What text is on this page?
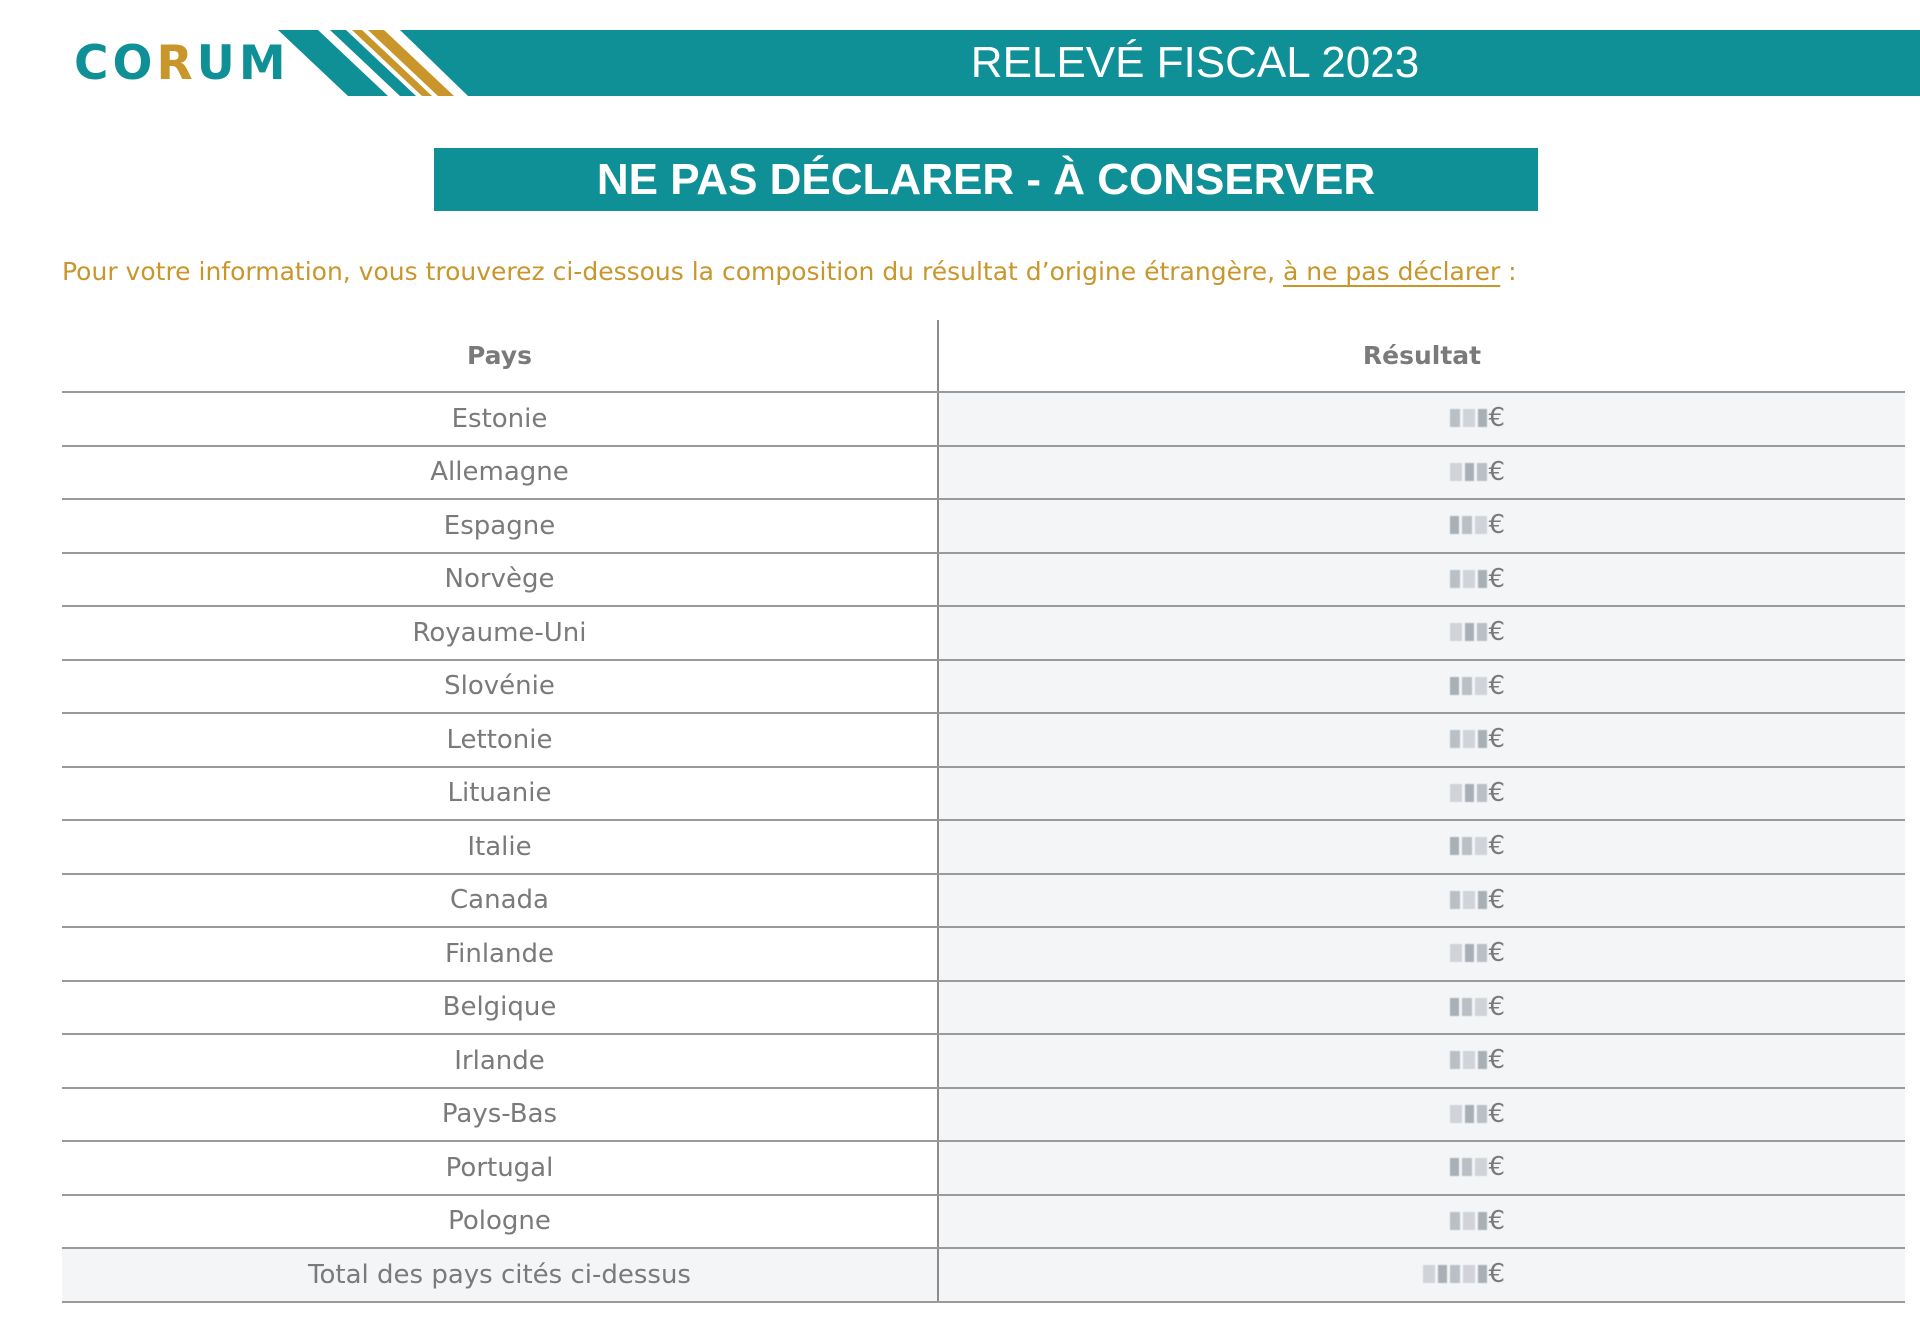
CORUM	RELEVÉ FISCAL 2023
NE PAS DÉCLARER - À CONSERVER
Pour votre information, vous trouverez ci-dessous la composition du résultat d’origine étrangère, à ne pas déclarer :
Pays	Résultat
Estonie	€

Allemagne	€

Espagne	€

Norvège	€

Royaume-Uni	€

Slovénie	€

Lettonie	€

Lituanie	€

Italie	€

Canada	€

Finlande	€

Belgique	€

Irlande	€

Pays-Bas	€

Portugal	€

Pologne	€

Total des pays cités ci-dessus	€
